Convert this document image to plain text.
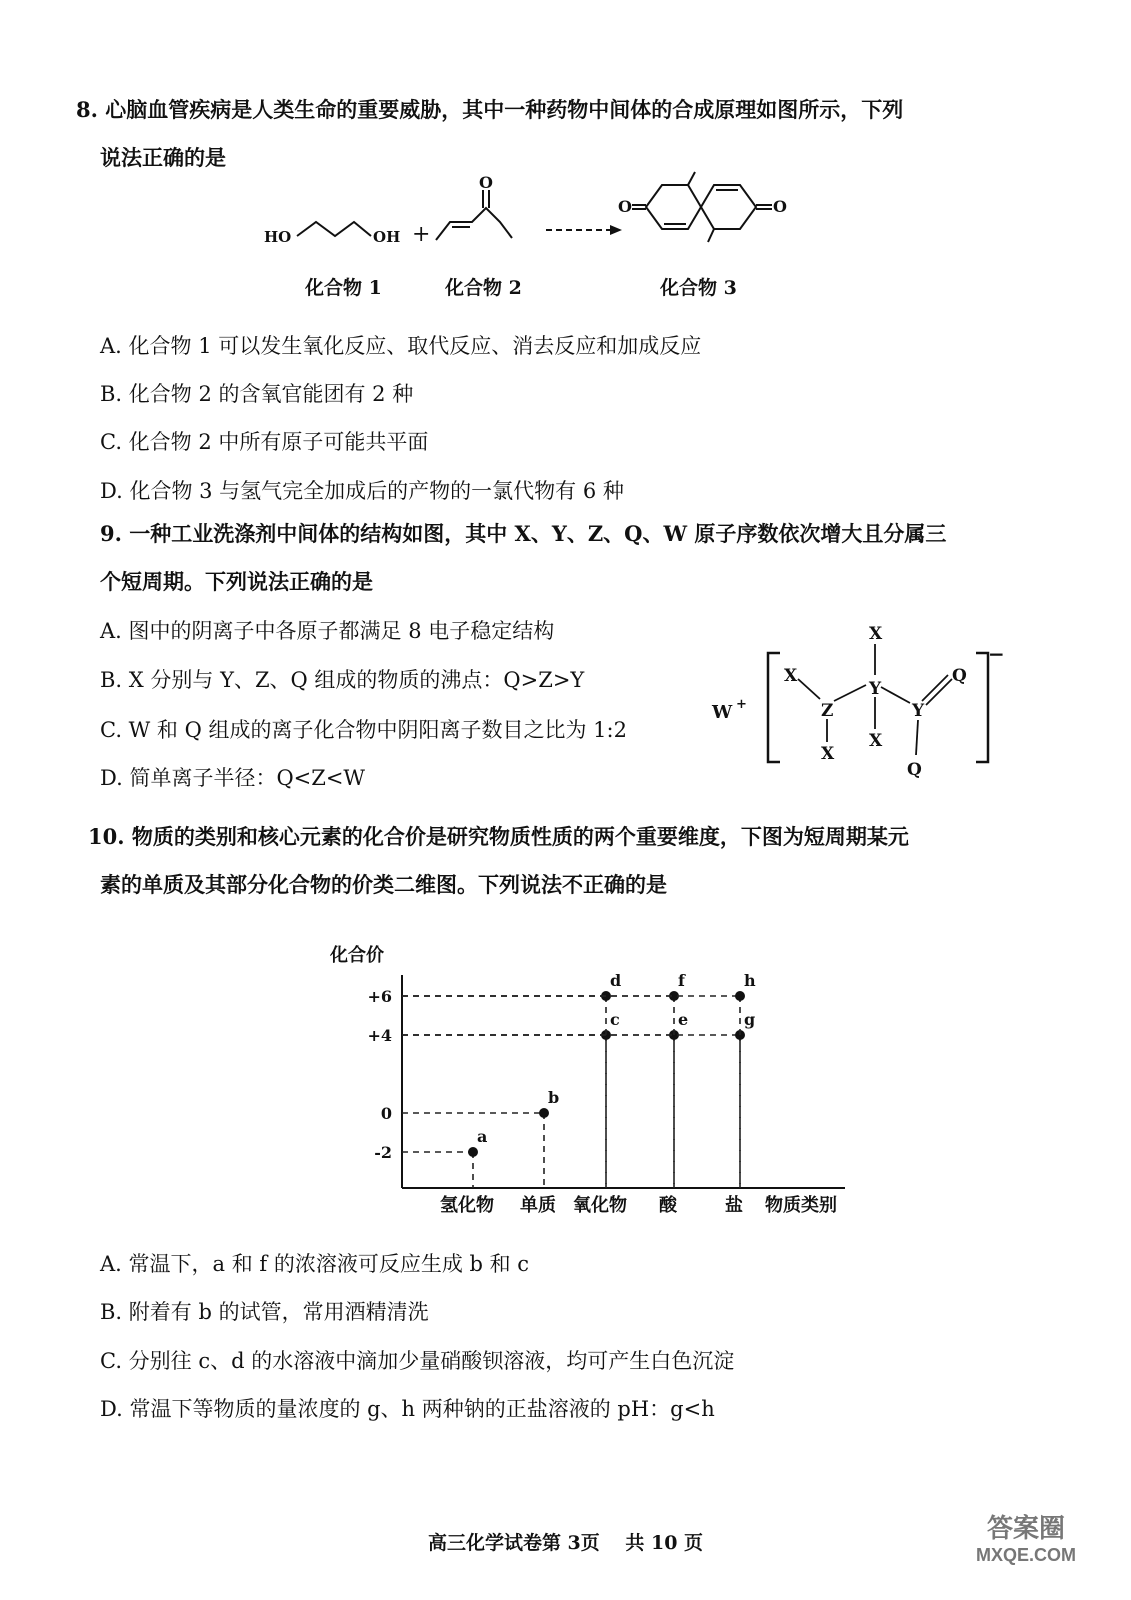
8. 心脑血管疾病是人类生命的重要威胁，其中一种药物中间体的合成原理如图所示，下列
说法正确的是
HO	OH +
O
O	O
化合物 1	化合物 2	化合物 3
A. 化合物 1 可以发生氧化反应、取代反应、消去反应和加成反应
B. 化合物 2 的含氧官能团有 2 种
C. 化合物 2 中所有原子可能共平面
D. 化合物 3 与氢气完全加成后的产物的一氯代物有 6 种
9. 一种工业洗涤剂中间体的结构如图，其中 X、Y、Z、Q、W 原子序数依次增大且分属三
个短周期。下列说法正确的是
A. 图中的阴离子中各原子都满足 8 电子稳定结构
B. X 分别与 Y、Z、Q 组成的物质的沸点：Q>Z>Y
C. W 和 Q 组成的离子化合物中阴阳离子数目之比为 1:2
D. 简单离子半径：Q<Z<W
W +
−
X
X
Z
Y
Y
X
X
Q
Q
10. 物质的类别和核心元素的化合价是研究物质性质的两个重要维度，下图为短周期某元
素的单质及其部分化合物的价类二维图。下列说法不正确的是
化合价
物质类别
+6
+4
0
-2
氢化物 单质 氧化物 酸	盐
a
b
c
d
e
f
g
h
A. 常温下，a 和 f 的浓溶液可反应生成 b 和 c
B. 附着有 b 的试管，常用酒精清洗
C. 分别往 c、d 的水溶液中滴加少量硝酸钡溶液，均可产生白色沉淀
D. 常温下等物质的量浓度的 g、h 两种钠的正盐溶液的 pH：g<h
高三化学试卷第 3页　 共 10 页	答案圈
MXQE.COM
